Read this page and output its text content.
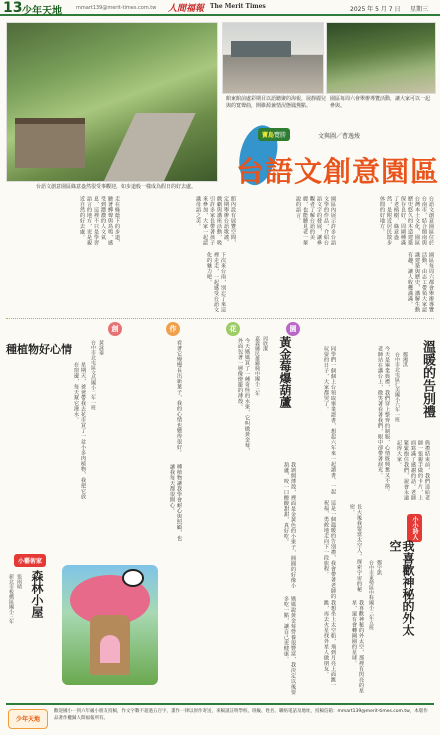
13 少年天地	mmart139@merit-times.com.tw 人間福報 The Merit Times	2025 年 5 月 7 日 星期三
台語文創意園區綠意盎然很受事觀迎，如步道般一樣成為假日的好去處。
館東館前處彩期目以語聽聚的海報，展靜麗兒與的寬聲曲，開維源兼情況態鳳鶯點。
園區每周六會舉辦導覽活動，讓大家可以一起參與。
寶島覽勝	文與圖／曹逸焌
台語文創意園區
台語文創意園區位於台南市，結合閩南與台灣本土文化，園區歷史悠久的木造建築保存良好，周圍種滿了老榕樹，綠意盎然，是附近居民散步休閒的好地方。
園區內展示許多台語文學的作品，介紹台語文字的發展，讓參觀者了解台語的美麗，也能聽見老一輩說的語言。
館內設有展覽空間，定期舉辦台語歌謠、戲劇與講座活動，吸引許多家長帶著孩子來參加，大家一起認識母語之美。
走在綠蔭下的步道，聽著蟬聲與鳥鳴，感受到濃濃的人文氣息，這裡不只是學習語言的地方，更是親近自然的好去處。
園區每周六都會舉辦導覽活動，由志工帶領大家認識建築與歷史，講解生動有趣，讓人收穫滿滿。
下次來台南，別忘了來這裡走走，一起感受台語文化的魅力吧。
創	作	花	園
溫暖的告別禮
鄭湘淇
台中市北屯區仁美國小六年一班
今天是畢業典禮，我們穿上整齊的制服，心情既興奮又不捨。老師站在講台上，微笑著看著我們，眼中卻帶著淚光。
同學們一個個上台領取畢業證書，想起六年來一起讀書、一起玩耍的日子，大家都哭了。
典禮結束前，我們送給老師一張親手做的卡片，上面寫滿了感謝的話。老師緊緊抱住我們，說會永遠記得大家。
這是一個溫暖的告別禮，我會帶著老師的祝福，勇敢地走向下一段旅程。	小小詩人
我喜歡神秘的外太空
鄭宇凱
台中市東勢區中科國小三年五班
我喜歡神秘的外太空，那裡有閃亮的星星，還有會轉圈圈的星球。
我想坐上太空船，飛到月亮上面跳一跳，再去火星找外星人做朋友。
長大後我要當太空人，探索宇宙的秘密。
黃金莓爆葫蘆
周欣潔
嘉義縣民雄鄉興中國小三年
今天媽媽買了一種奇怪的水果，它叫做黃金莓，外面包著一層像燈籠的薄殼。
我剝開薄殼，裡面是金黃色的小果子，圓圓的好像小葫蘆，咬一口酸酸甜甜，真好吃。
媽媽說黃金莓營養很豐富，我決定以後要多吃一點，讓自己更健康。
種植物好心情	黃詠蓁
台中市北屯區文昌國小二年一班
星期天，爸爸帶我去花市買了一盆小多肉植物，我把它放在窗邊，每天幫它澆水。	看著它慢慢長出新葉子，我的心情也變得很好。
種植物讓我學會耐心與照顧，也讓我每天都很開心。
小藝術家
森林小屋
張雨晴
新北市板橋區國小三年
少年天地
歡迎國小一到六年級小朋友投稿，作文字數不超過五百字，畫作一律以原作寄送，來稿請註明學校、班級、姓名、聯絡電話及地址，投稿信箱：mmart139@merit-times.com.tw，本版作品著作權歸人間福報所有。
